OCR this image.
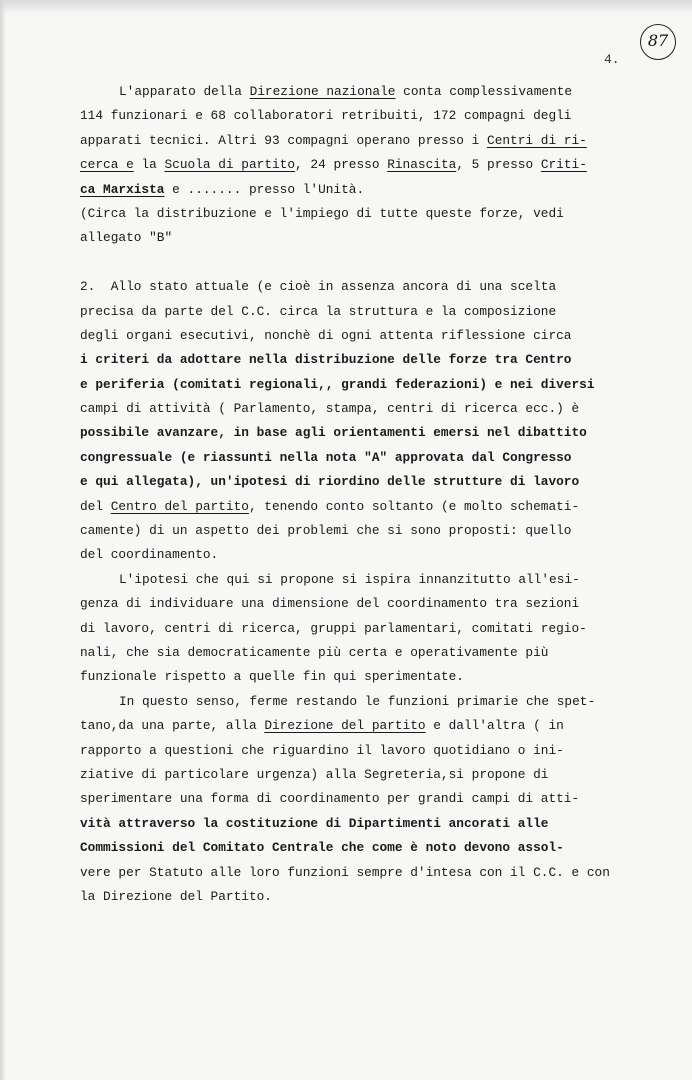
4.
87
L'apparato della Direzione nazionale conta complessivamente
114 funzionari e 68 collaboratori retribuiti, 172 compagni degli
apparati tecnici. Altri 93 compagni operano presso i Centri di ri-
cerca e la Scuola di partito, 24 presso Rinascita, 5 presso Criti-
ca Marxista e ....... presso l'Unità.
(Circa la distribuzione e l'impiego di tutte queste forze, vedi
allegato "B"
2.  Allo stato attuale (e cioè in assenza ancora di una scelta
precisa da parte del C.C. circa la struttura e la composizione
degli organi esecutivi, nonchè di ogni attenta riflessione circa
i criteri da adottare nella distribuzione delle forze tra Centro
e periferia (comitati regionali,, grandi federazioni) e nei diversi
campi di attività ( Parlamento, stampa, centri di ricerca ecc.) è
possibile avanzare, in base agli orientamenti emersi nel dibattito
congressuale (e riassunti nella nota "A" approvata dal Congresso
e qui allegata), un'ipotesi di riordino delle strutture di lavoro
del Centro del partito, tenendo conto soltanto (e molto schemati-
camente) di un aspetto dei problemi che si sono proposti: quello
del coordinamento.
L'ipotesi che qui si propone si ispira innanzitutto all'esi-
genza di individuare una dimensione del coordinamento tra sezioni
di lavoro, centri di ricerca, gruppi parlamentari, comitati regio-
nali, che sia democraticamente più certa e operativamente più
funzionale rispetto a quelle fin qui sperimentate.
In questo senso, ferme restando le funzioni primarie che spet-
tano,da una parte, alla Direzione del partito e dall'altra ( in
rapporto a questioni che riguardino il lavoro quotidiano o ini-
ziative di particolare urgenza) alla Segreteria,si propone di
sperimentare una forma di coordinamento per grandi campi di atti-
vità attraverso la costituzione di Dipartimenti ancorati alle
Commissioni del Comitato Centrale che come è noto devono assol-
vere per Statuto alle loro funzioni sempre d'intesa con il C.C. e con
la Direzione del Partito.
